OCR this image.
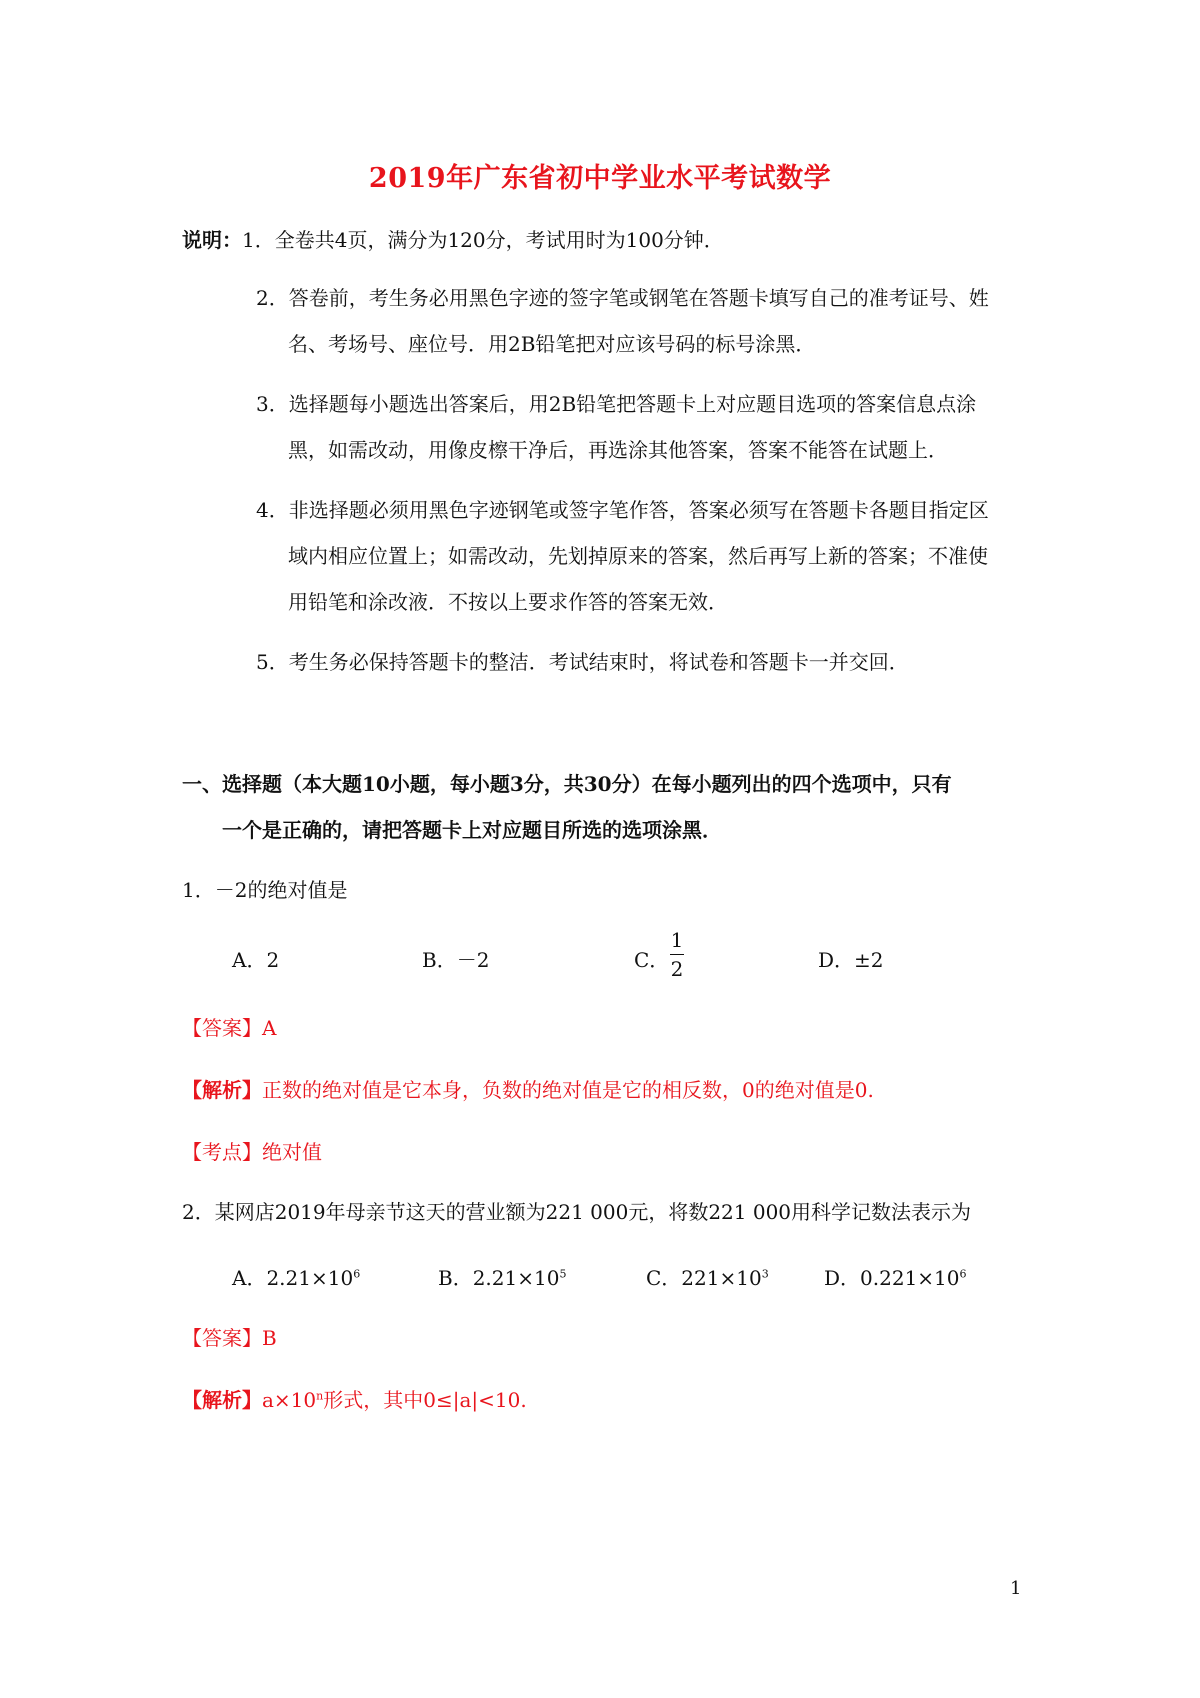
2019年广东省初中学业水平考试数学
说明：1．全卷共4页，满分为120分，考试用时为100分钟．
2．答卷前，考生务必用黑色字迹的签字笔或钢笔在答题卡填写自己的准考证号、姓
名、考场号、座位号．用2B铅笔把对应该号码的标号涂黑．
3．选择题每小题选出答案后，用2B铅笔把答题卡上对应题目选项的答案信息点涂
黑，如需改动，用像皮檫干净后，再选涂其他答案，答案不能答在试题上．
4．非选择题必须用黑色字迹钢笔或签字笔作答，答案必须写在答题卡各题目指定区
域内相应位置上；如需改动，先划掉原来的答案，然后再写上新的答案；不准使
用铅笔和涂改液．不按以上要求作答的答案无效．
5．考生务必保持答题卡的整洁．考试结束时，将试卷和答题卡一并交回．
一、选择题（本大题10小题，每小题3分，共30分）在每小题列出的四个选项中，只有
一个是正确的，请把答题卡上对应题目所选的选项涂黑．
1．－2的绝对值是
A．2	B．－2	C．
1
2	D．±2
【答案】A
【解析】正数的绝对值是它本身，负数的绝对值是它的相反数，0的绝对值是0.
【考点】绝对值
2．某网店2019年母亲节这天的营业额为221 000元，将数221 000用科学记数法表示为
A．$2.21\times 10^6$	B．$2.21\times 10^5$	C．$221\times 10^3$	D．$0.221\times 10^6$
【答案】B
【解析】$a\times 10^n$形式，其中0≤|a|<10.
1
